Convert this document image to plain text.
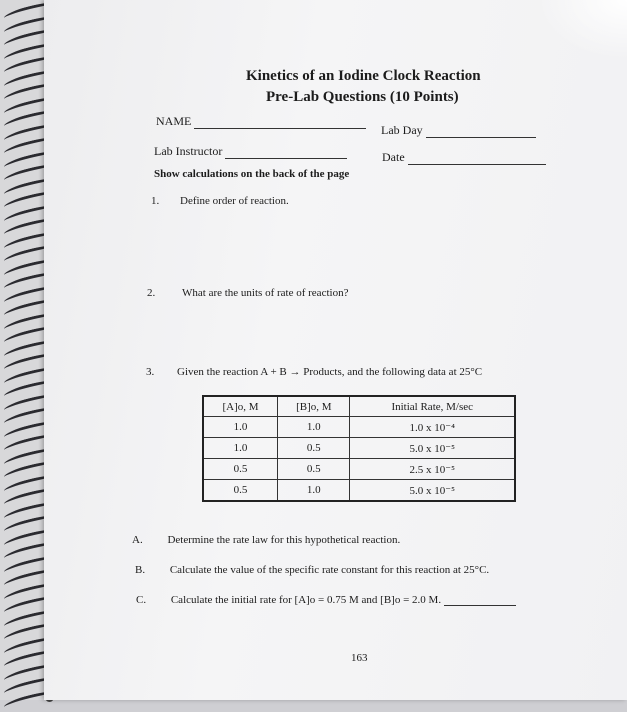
Kinetics of an Iodine Clock Reaction
Pre-Lab Questions (10 Points)
NAME
Lab Day
Lab Instructor	Date
Show calculations on the back of the page
1. Define order of reaction.
2. What are the units of rate of reaction?
3. Given the reaction A + B → Products, and the following data at 25°C
[A]o, M	[B]o, M	Initial Rate, M/sec
1.0	1.0	1.0 x 10⁻⁴
1.0	0.5	5.0 x 10⁻⁵
0.5	0.5	2.5 x 10⁻⁵
0.5	1.0	5.0 x 10⁻⁵
A. Determine the rate law for this hypothetical reaction.
B. Calculate the value of the specific rate constant for this reaction at 25°C.
C. Calculate the initial rate for [A]o = 0.75 M and [B]o = 2.0 M.
163
